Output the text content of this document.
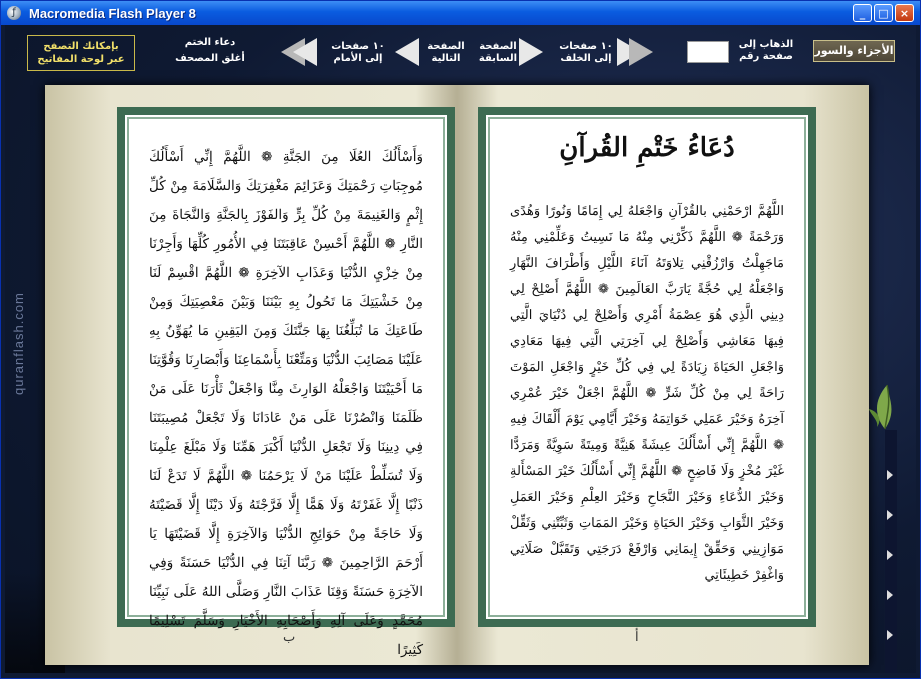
ƒ	Macromedia Flash Player 8	_	□	×
بإمكانك التصفح
عبر لوحة المفاتيح
دعاء الختم
أغلق المصحف
١٠ صفحات
إلى الأمام
الصفحة
التالية
الصفحة
السابقة
١٠ صفحات
إلى الخلف
الذهاب إلى
صفحة رقم	الأجزاء والسور
quranflash.com
وَأَسْأَلُكَ العُلَا مِنَ الجَنَّةِ ❁ اللَّهُمَّ إِنِّي أَسْأَلُكَ مُوجِبَاتِ رَحْمَتِكَ وَعَزَائِمَ مَغْفِرَتِكَ وَالسَّلَامَةَ مِنْ كُلِّ إِثْمٍ وَالغَنِيمَةَ مِنْ كُلِّ بِرٍّ وَالفَوْزَ بِالجَنَّةِ وَالنَّجَاةَ مِنَ النَّارِ ❁ اللَّهُمَّ أَحْسِنْ عَاقِبَتَنَا فِي الأُمُورِ كُلِّهَا وَأَجِرْنَا مِنْ خِزْيِ الدُّنْيَا وَعَذَابِ الآخِرَةِ ❁ اللَّهُمَّ اقْسِمْ لَنَا مِنْ خَشْيَتِكَ مَا تَحُولُ بِهِ بَيْنَنَا وَبَيْنَ مَعْصِيَتِكَ وَمِنْ طَاعَتِكَ مَا تُبَلِّغُنَا بِهَا جَنَّتَكَ وَمِنَ اليَقِينِ مَا يُهَوِّنُ بِهِ عَلَيْنَا مَصَائِبَ الدُّنْيَا وَمَتِّعْنَا بِأَسْمَاعِنَا وَأَبْصَارِنَا وَقُوَّتِنَا مَا أَحْيَيْتَنَا وَاجْعَلْهُ الوَارِثَ مِنَّا وَاجْعَلْ ثَأْرَنَا عَلَى مَنْ ظَلَمَنَا وَانْصُرْنَا عَلَى مَنْ عَادَانَا وَلَا تَجْعَلْ مُصِيبَتَنَا فِي دِينِنَا وَلَا تَجْعَلِ الدُّنْيَا أَكْبَرَ هَمِّنَا وَلَا مَبْلَغَ عِلْمِنَا وَلَا تُسَلِّطْ عَلَيْنَا مَنْ لَا يَرْحَمُنَا ❁ اللَّهُمَّ لَا تَدَعْ لَنَا ذَنْبًا إِلَّا غَفَرْتَهُ وَلَا هَمًّا إِلَّا فَرَّجْتَهُ وَلَا دَيْنًا إِلَّا قَضَيْتَهُ وَلَا حَاجَةً مِنْ حَوَائِجِ الدُّنْيَا وَالآخِرَةِ إِلَّا قَضَيْتَهَا يَا أَرْحَمَ الرَّاحِمِينَ ❁ رَبَّنَا آتِنَا فِي الدُّنْيَا حَسَنَةً وَفِي الآخِرَةِ حَسَنَةً وَقِنَا عَذَابَ النَّارِ وَصَلَّى اللهُ عَلَى نَبِيِّنَا مُحَمَّدٍ وَعَلَى آلِهِ وَأَصْحَابِهِ الأَخْيَارِ وَسَلَّمَ تَسْلِيمًا كَثِيرًا
دُعَاءُ خَتْمِ القُرآنِ
اللَّهُمَّ ارْحَمْنِي بالقُرْآنِ وَاجْعَلهُ لِي إِمَامًا وَنُورًا وَهُدًى وَرَحْمَةً ❁ اللَّهُمَّ ذَكِّرْنِي مِنْهُ مَا نَسِيتُ وَعَلِّمْنِي مِنْهُ مَاجَهِلْتُ وَارْزُقْنِي تِلاوَتَهُ آنَاءَ اللَّيْلِ وَأَطْرَافَ النَّهَارِ وَاجْعَلْهُ لِي حُجَّةً يَارَبَّ العَالَمِينَ ❁ اللَّهُمَّ أَصْلِحْ لِي دِينِي الَّذِي هُوَ عِصْمَةُ أَمْرِي وَأَصْلِحْ لِي دُنْيَايَ الَّتِي فِيهَا مَعَاشِي وَأَصْلِحْ لِي آخِرَتِي الَّتِي فِيهَا مَعَادِي وَاجْعَلِ الحَيَاةَ زِيَادَةً لِي فِي كُلِّ خَيْرٍ وَاجْعَلِ المَوْتَ رَاحَةً لِي مِنْ كُلِّ شَرٍّ ❁ اللَّهُمَّ اجْعَلْ خَيْرَ عُمْرِي آخِرَهُ وَخَيْرَ عَمَلِي خَوَاتِمَهُ وَخَيْرَ أَيَّامِي يَوْمَ أَلْقَاكَ فِيهِ ❁ اللَّهُمَّ إِنِّي أَسْأَلُكَ عِيشَةً هَنِيَّةً وَمِيتَةً سَوِيَّةً وَمَرَدًّا غَيْرَ مُخْزٍ وَلَا فَاضِحٍ ❁ اللَّهُمَّ إِنِّي أَسْأَلُكَ خَيْرَ المَسْأَلةِ وَخَيْرَ الدُّعَاءِ وَخَيْرَ النَّجَاحِ وَخَيْرَ العِلْمِ وَخَيْرَ العَمَلِ وَخَيْرَ الثَّوَابِ وَخَيْرَ الحَيَاةِ وَخَيْرَ المَمَاتِ وَثَبِّتْنِي وَثَقِّلْ مَوَازِينِي وَحَقِّقْ إِيمَانِي وَارْفَعْ دَرَجَتِي وَتَقَبَّلْ صَلَاتِي وَاغْفِرْ خَطِيئَاتِي
ب	أ
